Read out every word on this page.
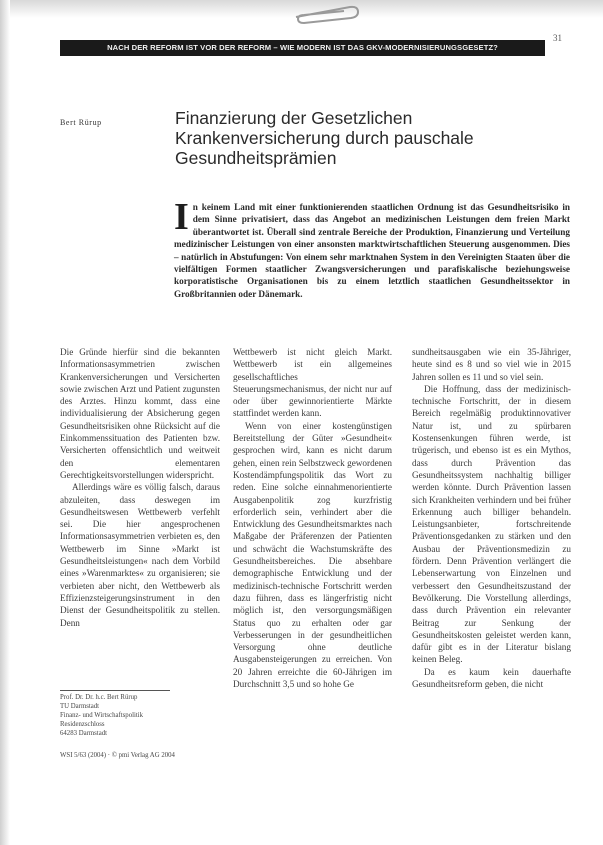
NACH DER REFORM IST VOR DER REFORM – WIE MODERN IST DAS GKV-MODERNISIERUNGSGESETZ?
31
Bert Rürup	Finanzierung der Gesetzlichen
Krankenversicherung durch pauschale
Gesundheitsprämien

In keinem Land mit einer funktionierenden staatlichen Ordnung ist das Gesundheitsrisiko in dem Sinne privatisiert, dass das Angebot an medizinischen Leistungen dem freien Markt überantwortet ist. Überall sind zentrale Bereiche der Produktion, Finanzierung und Verteilung medizinischer Leistungen von einer ansonsten marktwirtschaftlichen Steuerung ausgenommen. Dies – natürlich in Abstufungen: Von einem sehr marktnahen System in den Vereinigten Staaten über die vielfältigen Formen staatlicher Zwangsversicherungen und parafiskalische beziehungsweise korporatistische Organisationen bis zu einem letztlich staatlichen Gesundheitssektor in Großbritannien oder Dänemark.

Die Gründe hierfür sind die bekannten Informationsasymmetrien zwischen Krankenversicherungen und Versicherten sowie zwischen Arzt und Patient zugunsten des Arztes. Hinzu kommt, dass eine individualisierung der Absicherung gegen Gesundheitsrisiken ohne Rücksicht auf die Einkommenssituation des Patienten bzw. Versicherten offensichtlich und weitweit den elementaren Gerechtigkeitsvorstellungen widerspricht.

Allerdings wäre es völlig falsch, daraus abzuleiten, dass deswegen im Gesundheitswesen Wettbewerb verfehlt sei. Die hier angesprochenen Informationsasymmetrien verbieten es, den Wettbewerb im Sinne »Markt ist Gesundheitsleistungen« nach dem Vorbild eines »Warenmarktes« zu organisieren; sie verbieten aber nicht, den Wettbewerb als Effizienzsteigerungsinstrument in den Dienst der Gesundheitspolitik zu stellen. Denn

Wettbewerb ist nicht gleich Markt. Wettbewerb ist ein allgemeines gesellschaftliches Steuerungsmechanismus, der nicht nur auf oder über gewinnorientierte Märkte stattfindet werden kann.

Wenn von einer kostengünstigen Bereitstellung der Güter »Gesundheit« gesprochen wird, kann es nicht darum gehen, einen rein Selbstzweck gewordenen Kostendämpfungspolitik das Wort zu reden. Eine solche einnahmenorientierte Ausgabenpolitik zog kurzfristig erforderlich sein, verhindert aber die Entwicklung des Gesundheitsmarktes nach Maßgabe der Präferenzen der Patienten und schwächt die Wachstumskräfte des Gesundheitsbereiches. Die absehbare demographische Entwicklung und der medizinisch-technische Fortschritt werden dazu führen, dass es längerfristig nicht möglich ist, den versorgungsmäßigen Status quo zu erhalten oder gar Verbesserungen in der gesundheitlichen Versorgung ohne deutliche Ausgabensteigerungen zu erreichen. Von 20 Jahren erreichte die 60-Jährigen im Durchschnitt 3,5 und so hohe Ge

sundheitsausgaben wie ein 35-Jähriger, heute sind es 8 und so viel wie in 2015 Jahren sollen es 11 und so viel sein.

Die Hoffnung, dass der medizinisch-technische Fortschritt, der in diesem Bereich regelmäßig produktinnovativer Natur ist, und zu spürbaren Kostensenkungen führen werde, ist trügerisch, und ebenso ist es ein Mythos, dass durch Prävention das Gesundheitssystem nachhaltig billiger werden könnte. Durch Prävention lassen sich Krankheiten verhindern und bei früher Erkennung auch billiger behandeln. Leistungsanbieter, fortschreitende Präventionsgedanken zu stärken und den Ausbau der Präventionsmedizin zu fördern. Denn Prävention verlängert die Lebenserwartung von Einzelnen und verbessert den Gesundheitszustand der Bevölkerung. Die Vorstellung allerdings, dass durch Prävention ein relevanter Beitrag zur Senkung der Gesundheitskosten geleistet werden kann, dafür gibt es in der Literatur bislang keinen Beleg.

Da es kaum kein dauerhafte Gesundheitsreform geben, die nicht

Prof. Dr. Dr. h.c. Bert Rürup
TU Darmstadt
Finanz- und Wirtschaftspolitik
Residenzschloss
64283 Darmstadt
WSI 5/63 (2004) · © pmi Verlag AG 2004
